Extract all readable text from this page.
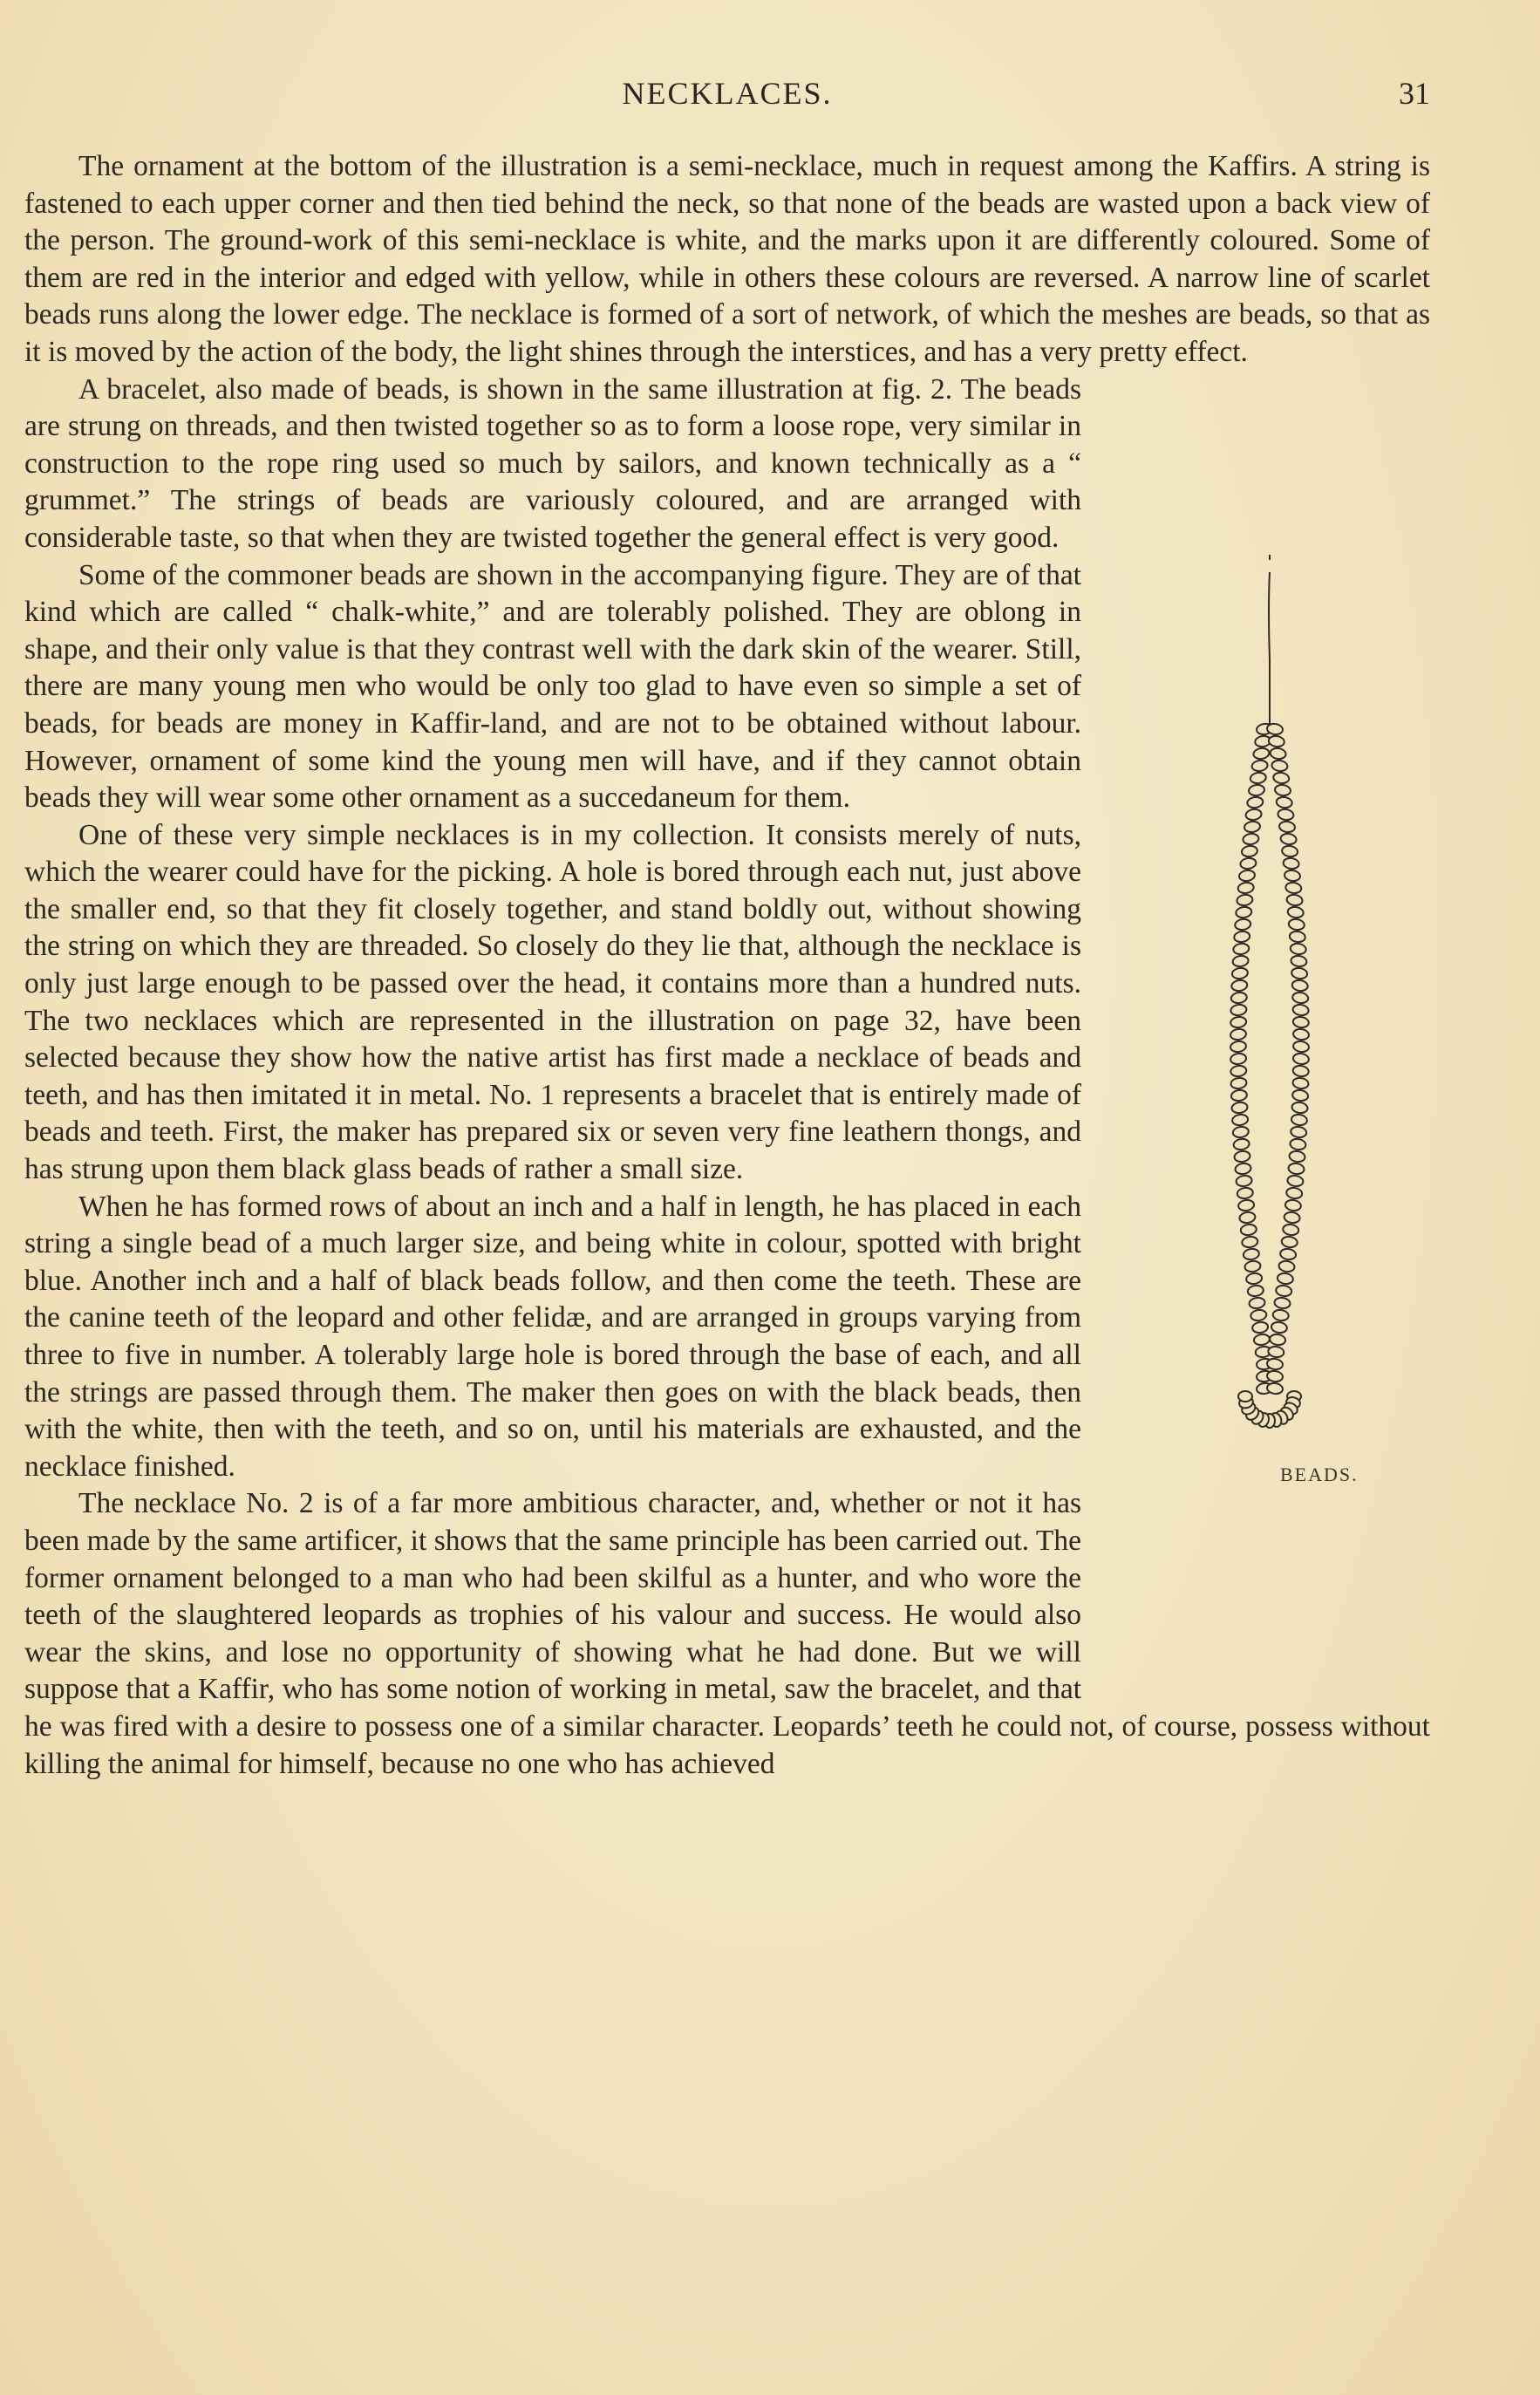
NECKLACES.	31

The ornament at the bottom of the illustration is a semi-necklace, much in request among the Kaffirs. A string is fastened to each upper corner and then tied behind the neck, so that none of the beads are wasted upon a back view of the person. The ground-work of this semi-necklace is white, and the marks upon it are differently coloured. Some of them are red in the interior and edged with yellow, while in others these colours are reversed. A narrow line of scarlet beads runs along the lower edge. The necklace is formed of a sort of network, of which the meshes are beads, so that as it is moved by the action of the body, the light shines through the interstices, and has a very pretty effect.

BEADS.

A bracelet, also made of beads, is shown in the same illustration at fig. 2. The beads are strung on threads, and then twisted together so as to form a loose rope, very similar in construction to the rope ring used so much by sailors, and known technically as a “ grummet.” The strings of beads are variously coloured, and are arranged with considerable taste, so that when they are twisted together the general effect is very good.

Some of the commoner beads are shown in the accompanying figure. They are of that kind which are called “ chalk-white,” and are tolerably polished. They are oblong in shape, and their only value is that they contrast well with the dark skin of the wearer. Still, there are many young men who would be only too glad to have even so simple a set of beads, for beads are money in Kaffir-land, and are not to be obtained without labour. However, ornament of some kind the young men will have, and if they cannot obtain beads they will wear some other ornament as a succedaneum for them.

One of these very simple necklaces is in my collection. It consists merely of nuts, which the wearer could have for the picking. A hole is bored through each nut, just above the smaller end, so that they fit closely together, and stand boldly out, without showing the string on which they are threaded. So closely do they lie that, although the necklace is only just large enough to be passed over the head, it contains more than a hundred nuts. The two necklaces which are represented in the illustration on page 32, have been selected because they show how the native artist has first made a necklace of beads and teeth, and has then imitated it in metal. No. 1 represents a bracelet that is entirely made of beads and teeth. First, the maker has prepared six or seven very fine leathern thongs, and has strung upon them black glass beads of rather a small size.

When he has formed rows of about an inch and a half in length, he has placed in each string a single bead of a much larger size, and being white in colour, spotted with bright blue. Another inch and a half of black beads follow, and then come the teeth. These are the canine teeth of the leopard and other felidæ, and are arranged in groups varying from three to five in number. A tolerably large hole is bored through the base of each, and all the strings are passed through them. The maker then goes on with the black beads, then with the white, then with the teeth, and so on, until his materials are exhausted, and the necklace finished.

The necklace No. 2 is of a far more ambitious character, and, whether or not it has been made by the same artificer, it shows that the same principle has been carried out. The former ornament belonged to a man who had been skilful as a hunter, and who wore the teeth of the slaughtered leopards as trophies of his valour and success. He would also wear the skins, and lose no opportunity of showing what he had done. But we will suppose that a Kaffir, who has some notion of working in metal, saw the bracelet, and that he was fired with a desire to possess one of a similar character. Leopards’ teeth he could not, of course, possess without killing the animal for himself, because no one who has achieved
